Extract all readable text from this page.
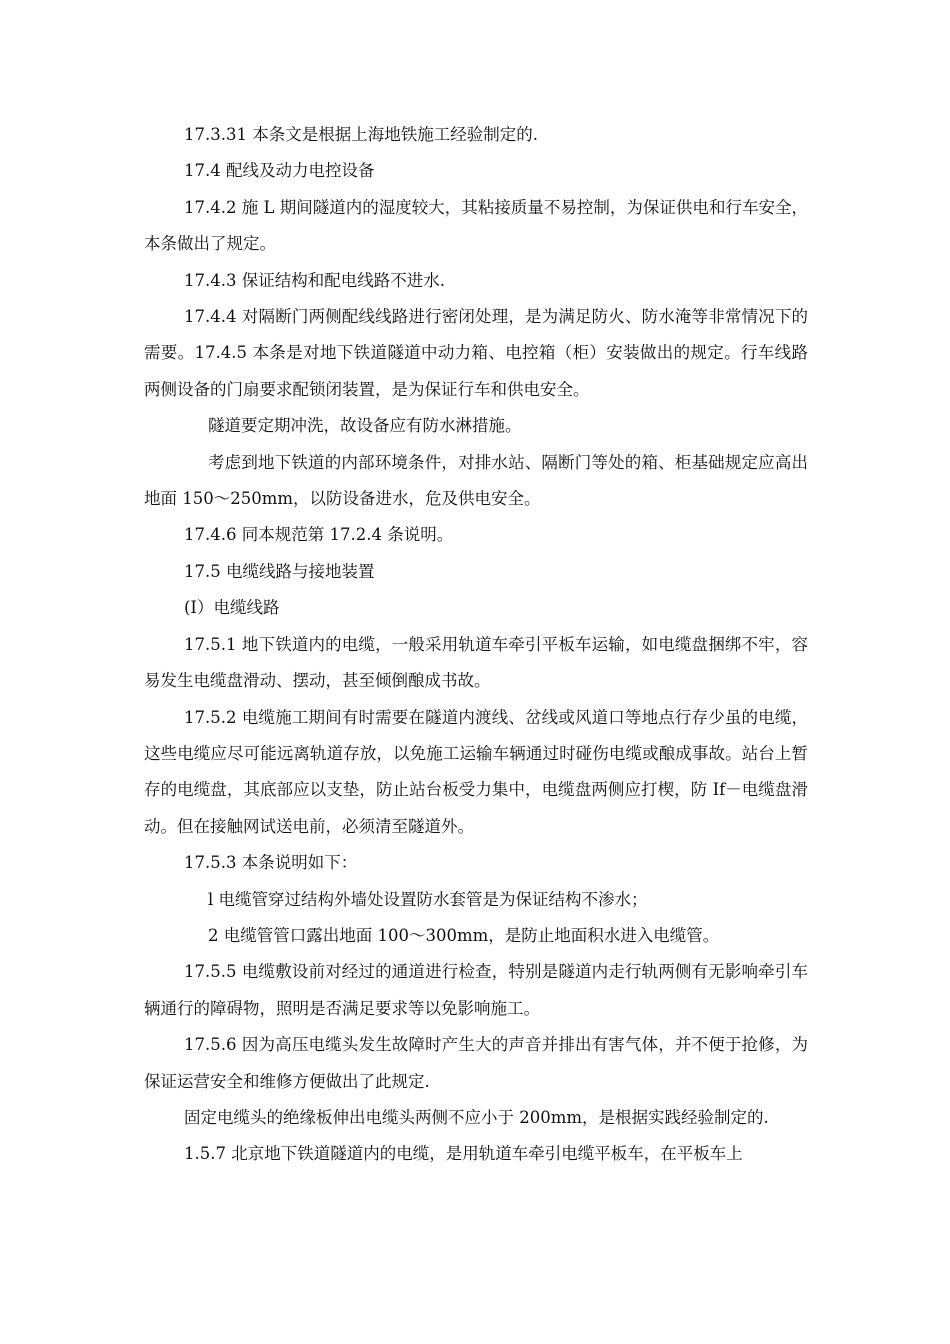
17.3.31 本条文是根据上海地铁施工经验制定的.

17.4 配线及动力电控设备

17.4.2 施 L 期间隧道内的湿度较大，其粘接质量不易控制，为保证供电和行车安全，本条做出了规定。

17.4.3 保证结构和配电线路不进水.

17.4.4 对隔断门两侧配线线路进行密闭处理，是为满足防火、防水淹等非常情况下的需要。17.4.5 本条是对地下铁道隧道中动力箱、电控箱（柜）安装做出的规定。行车线路两侧设备的门扇要求配锁闭装置，是为保证行车和供电安全。

隧道要定期冲洗，故设备应有防水淋措施。

考虑到地下铁道的内部环境条件，对排水站、隔断门等处的箱、柜基础规定应高出地面 150～250mm，以防设备进水，危及供电安全。

17.4.6 同本规范第 17.2.4 条说明。

17.5 电缆线路与接地装置

(I）电缆线路

17.5.1 地下铁道内的电缆，一般采用轨道车牵引平板车运输，如电缆盘捆绑不牢，容易发生电缆盘滑动、摆动，甚至倾倒酿成书故。

17.5.2 电缆施工期间有时需要在隧道内渡线、岔线或风道口等地点行存少虽的电缆，这些电缆应尽可能远离轨道存放，以免施工运输车辆通过时碰伤电缆或酿成事故。站台上暂存的电缆盘，其底部应以支垫，防止站台板受力集中，电缆盘两侧应打楔，防 If－电缆盘滑动。但在接触网试送电前，必须清至隧道外。

17.5.3 本条说明如下：

l 电缆管穿过结构外墙处设置防水套管是为保证结构不渗水；

2 电缆管管口露出地面 100～300mm，是防止地面积水进入电缆管。

17.5.5 电缆敷设前对经过的通道进行检查，特别是隧道内走行轨两侧有无影响牵引车辆通行的障碍物，照明是否满足要求等以免影响施工。

17.5.6 因为高压电缆头发生故障时产生大的声音并排出有害气体，并不便于抢修，为保证运营安全和维修方便做出了此规定.

固定电缆头的绝缘板伸出电缆头两侧不应小于 200mm，是根据实践经验制定的.

1.5.7 北京地下铁道隧道内的电缆，是用轨道车牵引电缆平板车，在平板车上
